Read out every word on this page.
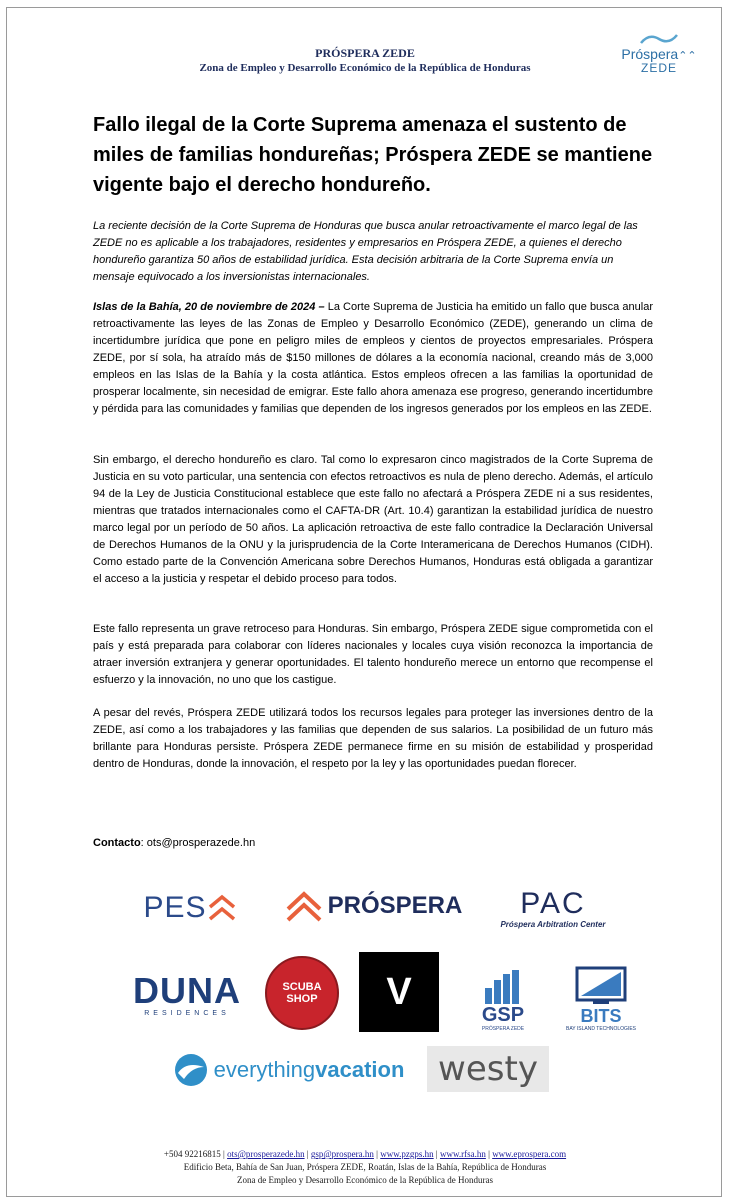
PRÓSPERA ZEDE
Zona de Empleo y Desarrollo Económico de la República de Honduras
Próspera⌃⌃
ZEDE
Fallo ilegal de la Corte Suprema amenaza el sustento de miles de familias hondureñas; Próspera ZEDE se mantiene vigente bajo el derecho hondureño.

La reciente decisión de la Corte Suprema de Honduras que busca anular retroactivamente el marco legal de las ZEDE no es aplicable a los trabajadores, residentes y empresarios en Próspera ZEDE, a quienes el derecho hondureño garantiza 50 años de estabilidad jurídica. Esta decisión arbitraria de la Corte Suprema envía un mensaje equivocado a los inversionistas internacionales.

Islas de la Bahía, 20 de noviembre de 2024 – La Corte Suprema de Justicia ha emitido un fallo que busca anular retroactivamente las leyes de las Zonas de Empleo y Desarrollo Económico (ZEDE), generando un clima de incertidumbre jurídica que pone en peligro miles de empleos y cientos de proyectos empresariales. Próspera ZEDE, por sí sola, ha atraído más de $150 millones de dólares a la economía nacional, creando más de 3,000 empleos en las Islas de la Bahía y la costa atlántica. Estos empleos ofrecen a las familias la oportunidad de prosperar localmente, sin necesidad de emigrar. Este fallo ahora amenaza ese progreso, generando incertidumbre y pérdida para las comunidades y familias que dependen de los ingresos generados por los empleos en las ZEDE.

Sin embargo, el derecho hondureño es claro. Tal como lo expresaron cinco magistrados de la Corte Suprema de Justicia en su voto particular, una sentencia con efectos retroactivos es nula de pleno derecho. Además, el artículo 94 de la Ley de Justicia Constitucional establece que este fallo no afectará a Próspera ZEDE ni a sus residentes, mientras que tratados internacionales como el CAFTA-DR (Art. 10.4) garantizan la estabilidad jurídica de nuestro marco legal por un período de 50 años. La aplicación retroactiva de este fallo contradice la Declaración Universal de Derechos Humanos de la ONU y la jurisprudencia de la Corte Interamericana de Derechos Humanos (CIDH). Como estado parte de la Convención Americana sobre Derechos Humanos, Honduras está obligada a garantizar el acceso a la justicia y respetar el debido proceso para todos.

Este fallo representa un grave retroceso para Honduras. Sin embargo, Próspera ZEDE sigue comprometida con el país y está preparada para colaborar con líderes nacionales y locales cuya visión reconozca la importancia de atraer inversión extranjera y generar oportunidades. El talento hondureño merece un entorno que recompense el esfuerzo y la innovación, no uno que los castigue.

A pesar del revés, Próspera ZEDE utilizará todos los recursos legales para proteger las inversiones dentro de la ZEDE, así como a los trabajadores y las familias que dependen de sus salarios. La posibilidad de un futuro más brillante para Honduras persiste. Próspera ZEDE permanece firme en su misión de estabilidad y prosperidad dentro de Honduras, donde la innovación, el respeto por la ley y las oportunidades puedan florecer.

Contacto: ots@prosperazede.hn
PES	PRÓSPERA PAC
Próspera Arbitration Center
DUNA
RESIDENCES
SCUBA
SHOP V
GSP
PRÓSPERA ZEDE
BITS
BAY ISLAND TECHNOLOGIES
everything vacation westy
+504 92216815 | ots@prosperazede.hn | gsp@prospera.hn | www.pzgps.hn | www.rfsa.hn | www.eprospera.com
Edificio Beta, Bahía de San Juan, Próspera ZEDE, Roatán, Islas de la Bahía, República de Honduras
Zona de Empleo y Desarrollo Económico de la República de Honduras
